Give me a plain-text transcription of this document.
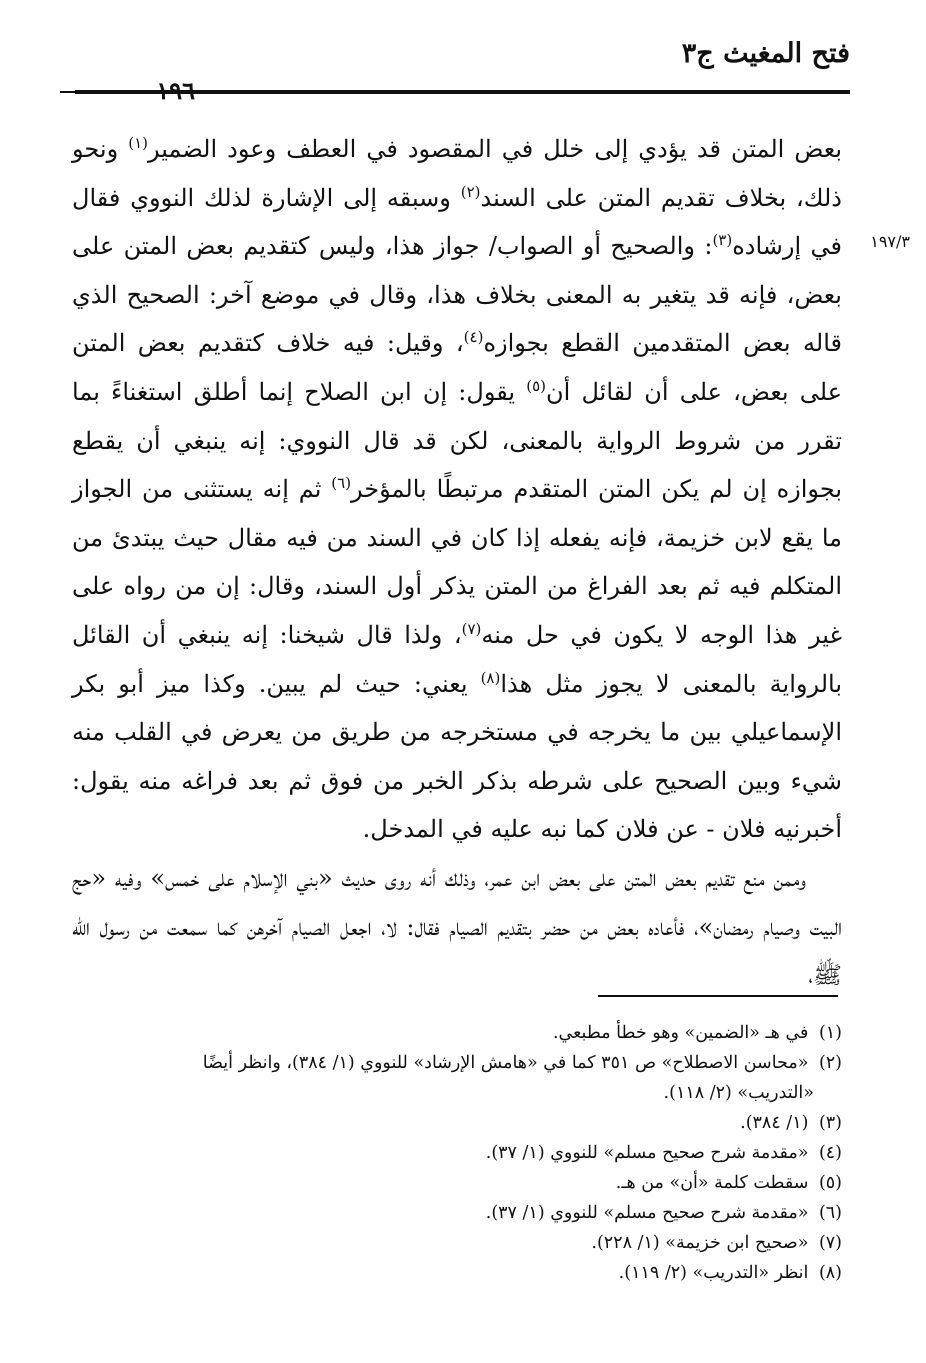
فتح المغيث ج٣
١٩٦
١٩٧/٣

بعض المتن قد يؤدي إلى خلل في المقصود في العطف وعود الضمير$^{(١)}$ ونحو ذلك، بخلاف تقديم المتن على السند$^{(٢)}$ وسبقه إلى الإشارة لذلك النووي فقال في إرشاده$^{(٣)}$: والصحيح أو الصواب/ جواز هذا، وليس كتقديم بعض المتن على بعض، فإنه قد يتغير به المعنى بخلاف هذا، وقال في موضع آخر: الصحيح الذي قاله بعض المتقدمين القطع بجوازه$^{(٤)}$، وقيل: فيه خلاف كتقديم بعض المتن على بعض، على أن لقائل أن$^{(٥)}$ يقول: إن ابن الصلاح إنما أطلق استغناءً بما تقرر من شروط الرواية بالمعنى، لكن قد قال النووي: إنه ينبغي أن يقطع بجوازه إن لم يكن المتن المتقدم مرتبطًا بالمؤخر$^{(٦)}$ ثم إنه يستثنى من الجواز ما يقع لابن خزيمة، فإنه يفعله إذا كان في السند من فيه مقال حيث يبتدئ من المتكلم فيه ثم بعد الفراغ من المتن يذكر أول السند، وقال: إن من رواه على غير هذا الوجه لا يكون في حل منه$^{(٧)}$، ولذا قال شيخنا: إنه ينبغي أن القائل بالرواية بالمعنى لا يجوز مثل هذا$^{(٨)}$ يعني: حيث لم يبين. وكذا ميز أبو بكر الإسماعيلي بين ما يخرجه في مستخرجه من طريق من يعرض في القلب منه شيء وبين الصحيح على شرطه بذكر الخبر من فوق ثم بعد فراغه منه يقول: أخبرنيه فلان - عن فلان كما نبه عليه في المدخل.

وممن منع تقديم بعض المتن على بعض ابن عمر، وذلك أنه روى حديث «بني الإسلام على خمس» وفيه «حج البيت وصيام رمضان»، فأعاده بعض من حضر بتقديم الصيام فقال: لا، اجعل الصيام آخرهن كما سمعت من رسول الله ﷺ،

(١) في هـ «الضمين» وهو خطأ مطبعي.
(٢) «محاسن الاصطلاح» ص ٣٥١ كما في «هامش الإرشاد» للنووي (١/ ٣٨٤)، وانظر أيضًا
«التدريب» (٢/ ١١٨).
(٣) (١/ ٣٨٤).
(٤) «مقدمة شرح صحيح مسلم» للنووي (١/ ٣٧).
(٥) سقطت كلمة «أن» من هـ.
(٦) «مقدمة شرح صحيح مسلم» للنووي (١/ ٣٧).
(٧) «صحيح ابن خزيمة» (١/ ٢٢٨).
(٨) انظر «التدريب» (٢/ ١١٩).
